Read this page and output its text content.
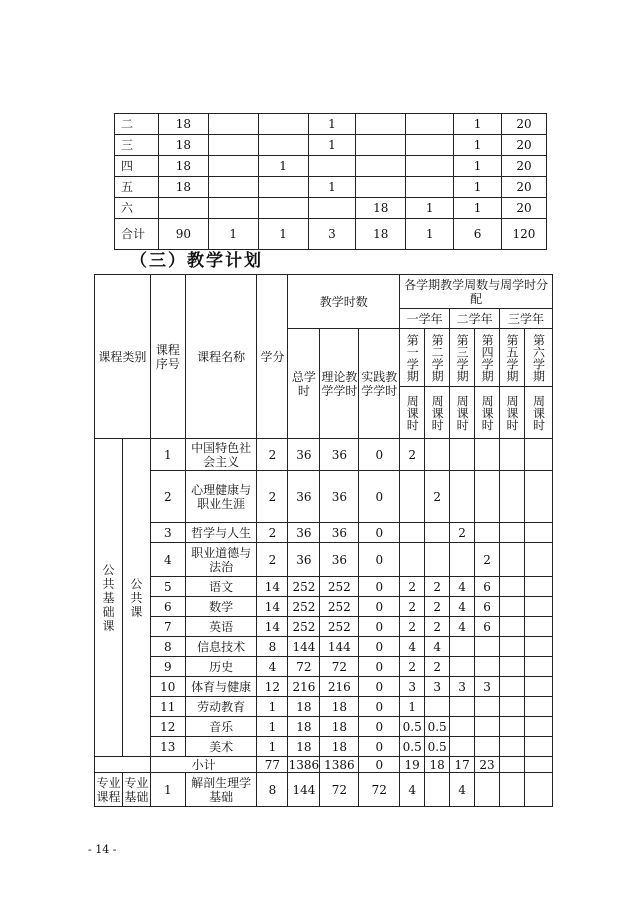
二	18			1			1	20
三	18			1			1	20
四	18		1				1	20
五	18			1			1	20
六					18	1	1	20
合计	90	1	1	3	18	1	6	120
（三）教学计划
课程类别		课程序号	课程名称	学分	教学时数			各学期教学周数与周学时分配					
								一学年		二学年		三学年	
					总学时	理论教学学时	实践教学学时	第一学期	第二学期	第三学期	第四学期	第五学期	第六学期
								周课时	周课时	周课时	周课时	周课时	周课时
公共基础课	公共课	1	中国特色社会主义	2	36	36	0	2					
		2	心理健康与职业生涯	2	36	36	0		2				
		3	哲学与人生	2	36	36	0			2			
		4	职业道德与法治	2	36	36	0				2		
		5	语文	14	252	252	0	2	2	4	6		
		6	数学	14	252	252	0	2	2	4	6		
		7	英语	14	252	252	0	2	2	4	6		
		8	信息技术	8	144	144	0	4	4				
		9	历史	4	72	72	0	2	2				
		10	体育与健康	12	216	216	0	3	3	3	3		
		11	劳动教育	1	18	18	0	1					
		12	音乐	1	18	18	0	0.5	0.5				
		13	美术	1	18	18	0	0.5	0.5				
		小计		77	1386	1386	0	19	18	17	23		
专业课程	专业基础	1	解剖生理学基础	8	144	72	72	4		4			
- 14 -
